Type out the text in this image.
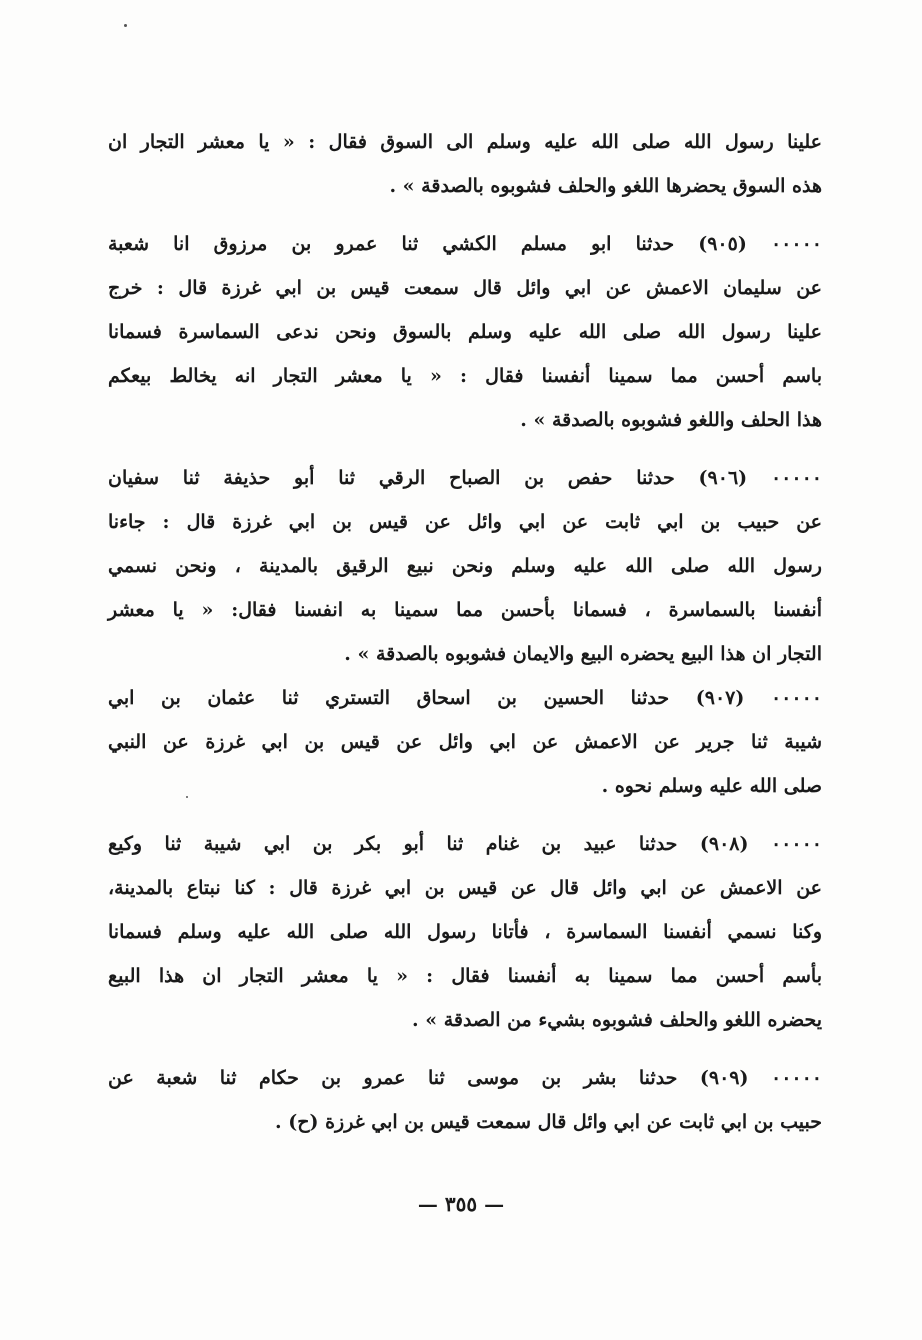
علينا رسول الله صلى الله عليه وسلم الى السوق فقال : « يا معشر التجار ان
هذه السوق يحضرها اللغو والحلف فشوبوه بالصدقة » .
٠٠٠٠٠ (٩٠٥) حدثنا ابو مسلم الكشي ثنا عمرو بن مرزوق انا شعبة
عن سليمان الاعمش عن ابي وائل قال سمعت قيس بن ابي غرزة قال : خرج
علينا رسول الله صلى الله عليه وسلم بالسوق ونحن ندعى السماسرة فسمانا
باسم أحسن مما سمينا أنفسنا فقال : « يا معشر التجار انه يخالط بيعكم
هذا الحلف واللغو فشوبوه بالصدقة » .
٠٠٠٠٠ (٩٠٦) حدثنا حفص بن الصباح الرقي ثنا أبو حذيفة ثنا سفيان
عن حبيب بن ابي ثابت عن ابي وائل عن قيس بن ابي غرزة قال : جاءنا
رسول الله صلى الله عليه وسلم ونحن نبيع الرقيق بالمدينة ، ونحن نسمي
أنفسنا بالسماسرة ، فسمانا بأحسن مما سمينا به انفسنا فقال: « يا معشر
التجار ان هذا البيع يحضره البيع والايمان فشوبوه بالصدقة » .
٠٠٠٠٠ (٩٠٧) حدثنا الحسين بن اسحاق التستري ثنا عثمان بن ابي
شيبة ثنا جرير عن الاعمش عن ابي وائل عن قيس بن ابي غرزة عن النبي
صلى الله عليه وسلم نحوه .
٠٠٠٠٠ (٩٠٨) حدثنا عبيد بن غنام ثنا أبو بكر بن ابي شيبة ثنا وكيع
عن الاعمش عن ابي وائل قال عن قيس بن ابي غرزة قال : كنا نبتاع بالمدينة،
وكنا نسمي أنفسنا السماسرة ، فأتانا رسول الله صلى الله عليه وسلم فسمانا
بأسم أحسن مما سمينا به أنفسنا فقال : « يا معشر التجار ان هذا البيع
يحضره اللغو والحلف فشوبوه بشيء من الصدقة » .
٠٠٠٠٠ (٩٠٩) حدثنا بشر بن موسى ثنا عمرو بن حكام ثنا شعبة عن
حبيب بن ابي ثابت عن ابي وائل قال سمعت قيس بن ابي غرزة (ح) .
— ٣٥٥ —
